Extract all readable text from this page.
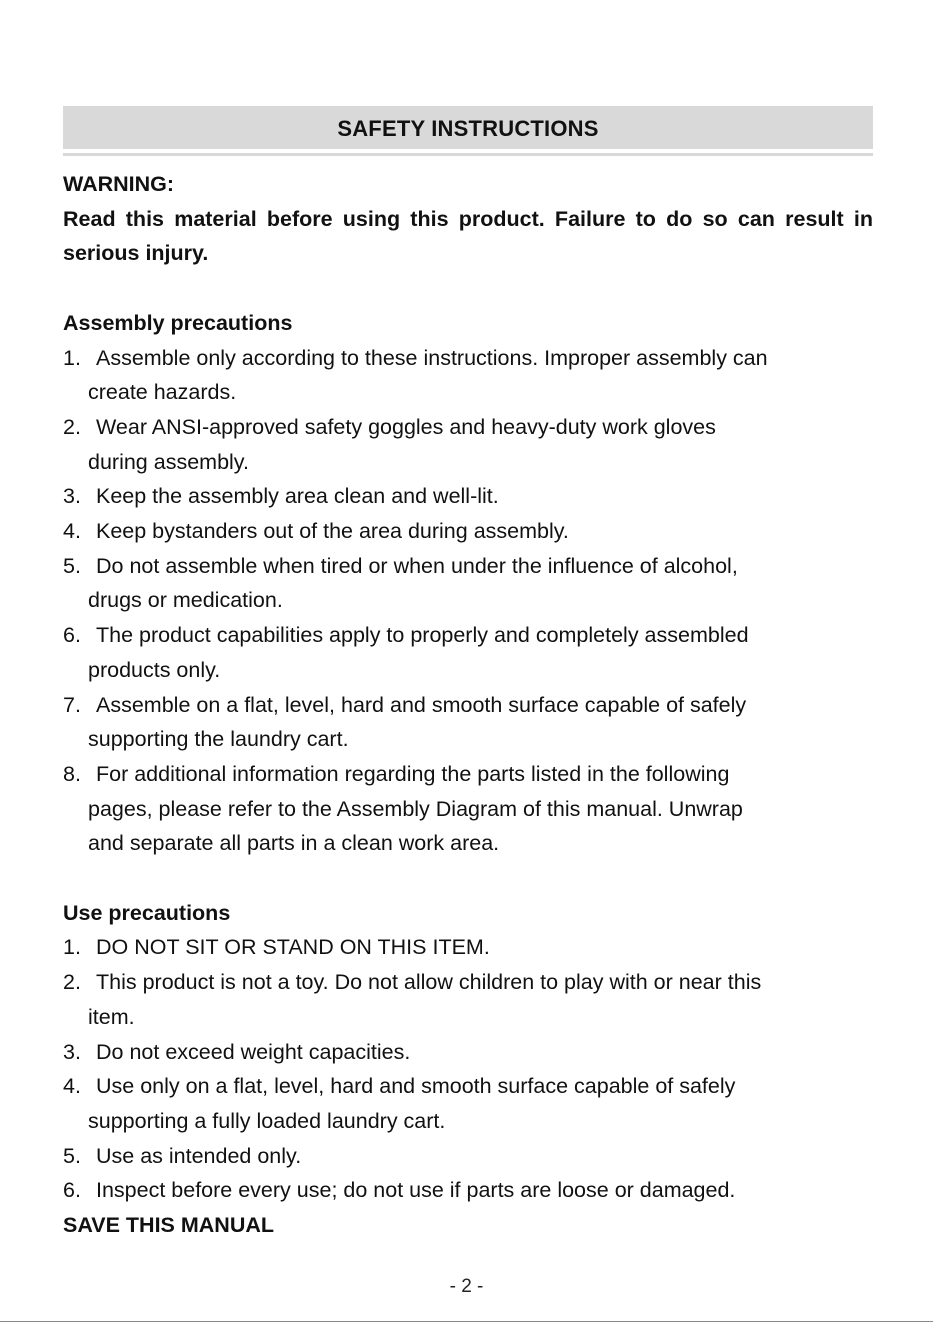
SAFETY INSTRUCTIONS
WARNING:
Read this material before using this product. Failure to do so can result in serious injury.
Assembly precautions
1. Assemble only according to these instructions. Improper assembly can
create hazards.
2. Wear ANSI-approved safety goggles and heavy-duty work gloves
during assembly.
3. Keep the assembly area clean and well-lit.
4. Keep bystanders out of the area during assembly.
5. Do not assemble when tired or when under the influence of alcohol,
drugs or medication.
6. The product capabilities apply to properly and completely assembled
products only.
7. Assemble on a flat, level, hard and smooth surface capable of safely
supporting the laundry cart.
8. For additional information regarding the parts listed in the following
pages, please refer to the Assembly Diagram of this manual. Unwrap
and separate all parts in a clean work area.
Use precautions
1. DO NOT SIT OR STAND ON THIS ITEM.
2. This product is not a toy. Do not allow children to play with or near this
item.
3. Do not exceed weight capacities.
4. Use only on a flat, level, hard and smooth surface capable of safely
supporting a fully loaded laundry cart.
5. Use as intended only.
6. Inspect before every use; do not use if parts are loose or damaged.
SAVE THIS MANUAL
- 2 -
